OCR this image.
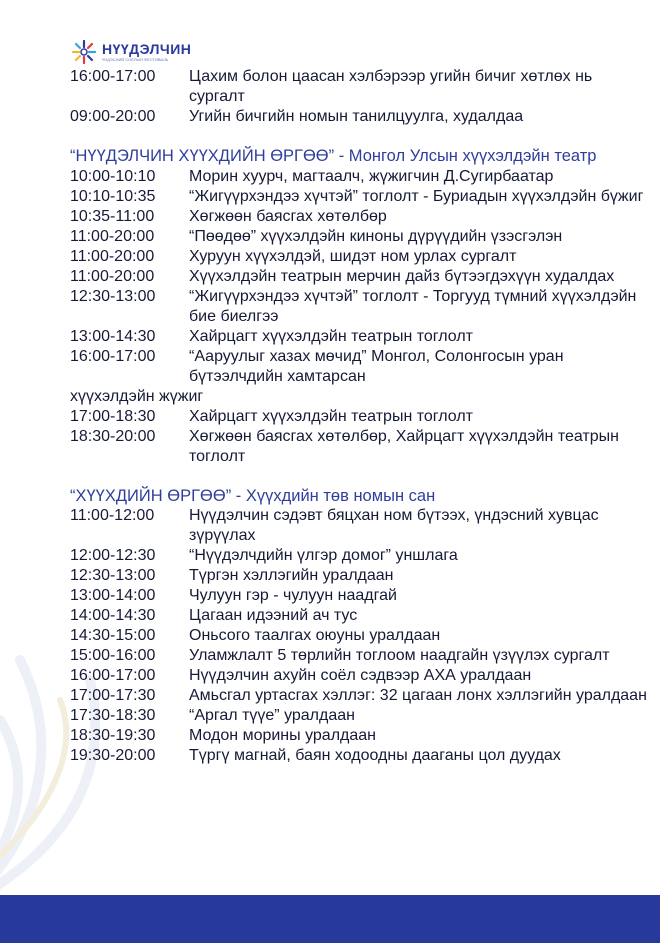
НҮҮДЭЛЧИН
ҮНДЭСНИЙ СОЁЛЫН ФЕСТИВАЛЬ
16:00-17:00	Цахим болон цаасан хэлбэрээр угийн бичиг хөтлөх нь сургалт
09:00-20:00	Угийн бичгийн номын танилцуулга, худалдаа
“НҮҮДЭЛЧИН ХҮҮХДИЙН ӨРГӨӨ” - Монгол Улсын хүүхэлдэйн театр
10:00-10:10	Морин хуурч, магтаалч, жүжигчин Д.Сугирбаатар
10:10-10:35	“Жигүүрхэндээ хүчтэй” тоглолт - Буриадын хүүхэлдэйн бүжиг
10:35-11:00	Хөгжөөн баясгах хөтөлбөр
11:00-20:00	“Пөөдөө” хүүхэлдэйн киноны дүрүүдийн үзэсгэлэн
11:00-20:00	Хуруун хүүхэлдэй, шидэт ном урлах сургалт
11:00-20:00	Хүүхэлдэйн театрын мерчин дайз бүтээгдэхүүн худалдах
12:30-13:00	“Жигүүрхэндээ хүчтэй” тоглолт - Торгууд түмний хүүхэлдэйн бие биелгээ
13:00-14:30	Хайрцагт хүүхэлдэйн театрын тоглолт
16:00-17:00	“Ааруулыг хазах мөчид” Монгол, Солонгосын уран бүтээлчдийн хамтарсан
хүүхэлдэйн жүжиг
17:00-18:30	Хайрцагт хүүхэлдэйн театрын тоглолт
18:30-20:00	Хөгжөөн баясгах хөтөлбөр, Хайрцагт хүүхэлдэйн театрын тоглолт
“ХҮҮХДИЙН ӨРГӨӨ” - Хүүхдийн төв номын сан
11:00-12:00	Нүүдэлчин сэдэвт бяцхан ном бүтээх, үндэсний хувцас зүрүүлах
12:00-12:30	“Нүүдэлчдийн үлгэр домог” уншлага
12:30-13:00	Түргэн хэллэгийн уралдаан
13:00-14:00	Чулуун гэр - чулуун наадгай
14:00-14:30	Цагаан идээний ач тус
14:30-15:00	Оньсого таалгах оюуны уралдаан
15:00-16:00	Уламжлалт 5 төрлийн тоглоом наадгайн үзүүлэх сургалт
16:00-17:00	Нүүдэлчин ахуйн соёл сэдвээр АХА уралдаан
17:00-17:30	Амьсгал уртасгах хэллэг: 32 цагаан лонх хэллэгийн уралдаан
17:30-18:30	“Аргал түүе” уралдаан
18:30-19:30	Модон морины уралдаан
19:30-20:00	Түргү магнай, баян ходоодны дааганы цол дуудах
